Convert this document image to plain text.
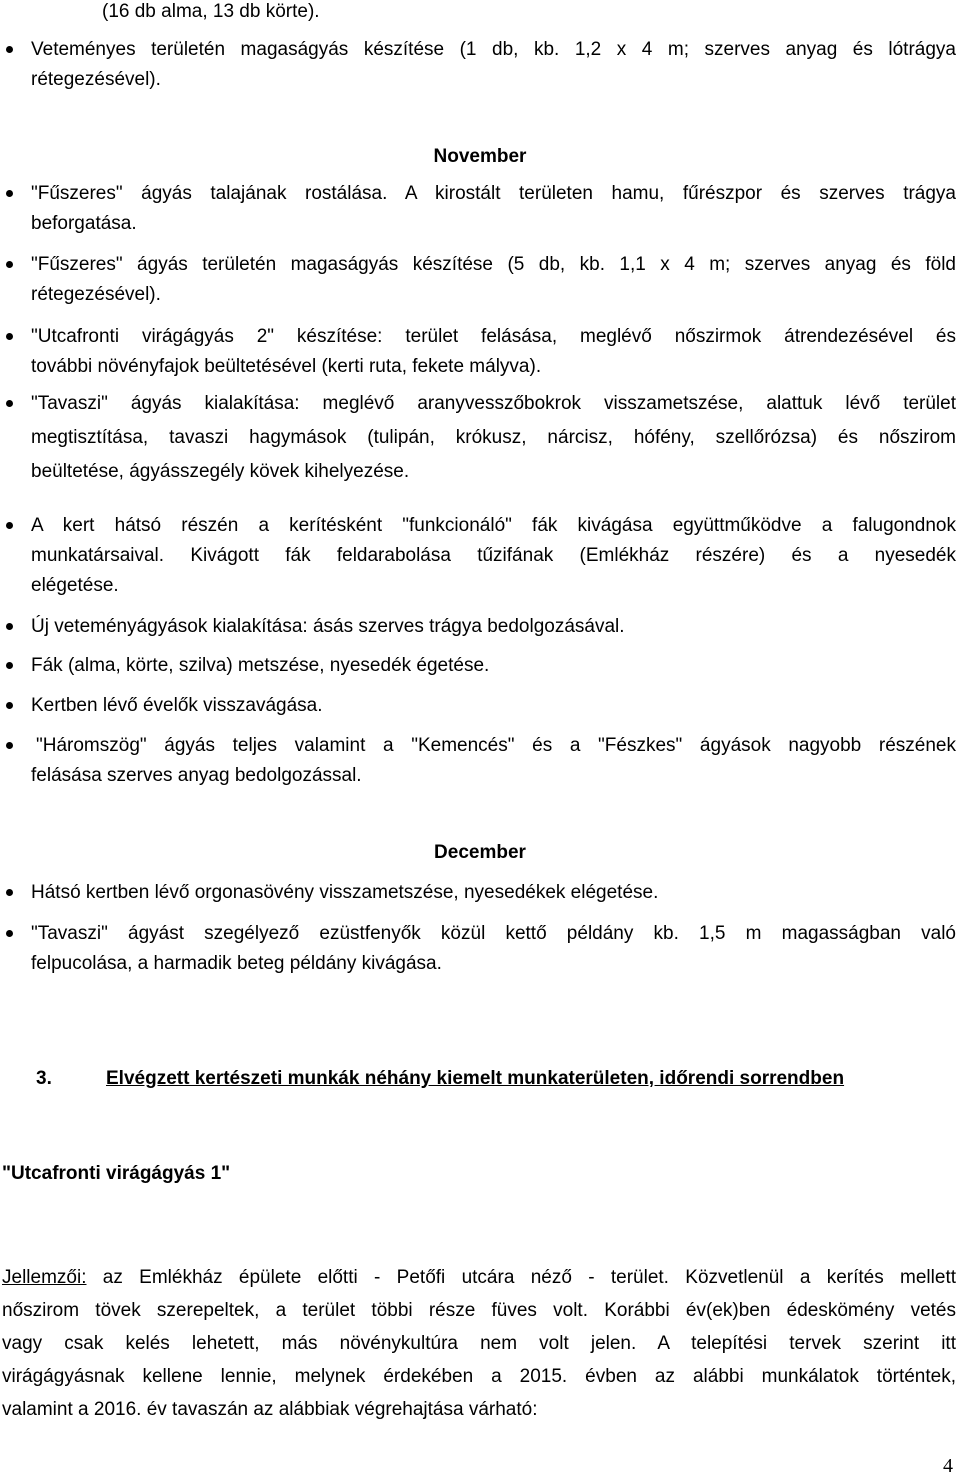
(16 db alma, 13 db körte).
Veteményes területén magaságyás készítése (1 db, kb. 1,2 x 4 m; szerves anyag és lótrágya
rétegezésével).
November
"Fűszeres" ágyás talajának rostálása. A kirostált területen hamu, fűrészpor és szerves trágya
beforgatása.
"Fűszeres" ágyás területén magaságyás készítése (5 db, kb. 1,1 x 4 m; szerves anyag és föld
rétegezésével).
"Utcafronti virágágyás 2" készítése: terület felásása, meglévő nőszirmok átrendezésével és
további növényfajok beültetésével (kerti ruta, fekete mályva).
"Tavaszi" ágyás kialakítása: meglévő aranyvesszőbokrok visszametszése, alattuk lévő terület
megtisztítása, tavaszi hagymások (tulipán, krókusz, nárcisz, hófény, szellőrózsa) és nőszirom
beültetése, ágyásszegély kövek kihelyezése.
A kert hátsó részén a kerítésként "funkcionáló" fák kivágása együttműködve a falugondnok
munkatársaival. Kivágott fák feldarabolása tűzifának (Emlékház részére) és a nyesedék
elégetése.
Új veteményágyások kialakítása: ásás szerves trágya bedolgozásával.
Fák (alma, körte, szilva) metszése, nyesedék égetése.
Kertben lévő évelők visszavágása.
"Háromszög" ágyás teljes valamint a "Kemencés" és a "Fészkes" ágyások nagyobb részének
felásása szerves anyag bedolgozással.
December
Hátsó kertben lévő orgonasövény visszametszése, nyesedékek elégetése.
"Tavaszi" ágyást szegélyező ezüstfenyők közül kettő példány kb. 1,5 m magasságban való
felpucolása, a harmadik beteg példány kivágása.
3.	Elvégzett kertészeti munkák néhány kiemelt munkaterületen, időrendi sorrendben
"Utcafronti virágágyás 1"
Jellemzői: az Emlékház épülete előtti - Petőfi utcára néző - terület. Közvetlenül a kerítés mellett
nőszirom tövek szerepeltek, a terület többi része füves volt. Korábbi év(ek)ben édeskömény vetés
vagy csak kelés lehetett, más növénykultúra nem volt jelen. A telepítési tervek szerint itt
virágágyásnak kellene lennie, melynek érdekében a 2015. évben az alábbi munkálatok történtek,
valamint a 2016. év tavaszán az alábbiak végrehajtása várható:
4
